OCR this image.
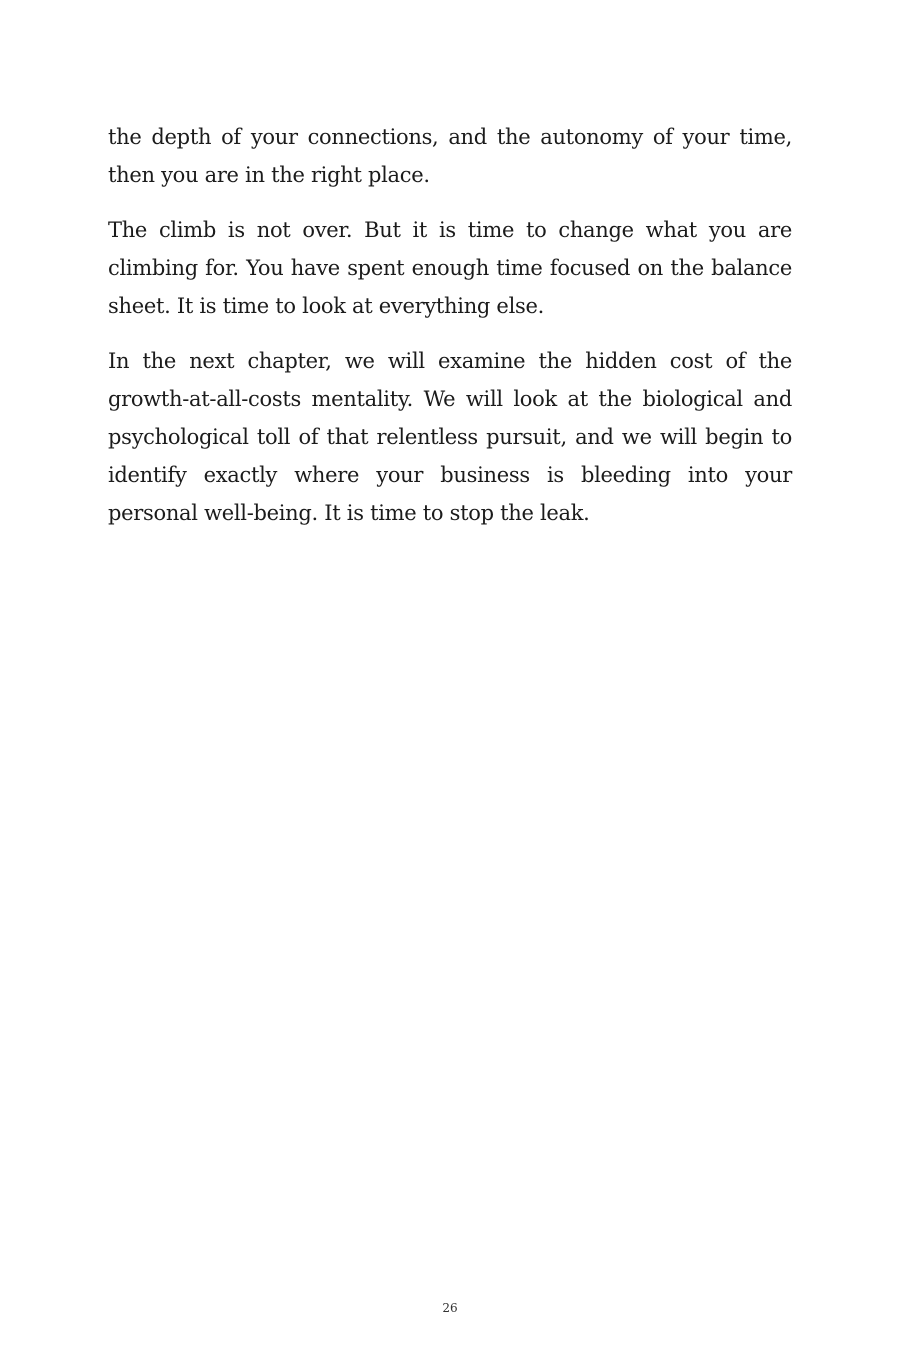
the depth of your connections, and the autonomy of your time, then you are in the right place.

The climb is not over. But it is time to change what you are climbing for. You have spent enough time focused on the balance sheet. It is time to look at everything else.

In the next chapter, we will examine the hidden cost of the growth-at-all-costs mentality. We will look at the biological and psychological toll of that relentless pursuit, and we will begin to identify exactly where your business is bleeding into your personal well-being. It is time to stop the leak.

26
